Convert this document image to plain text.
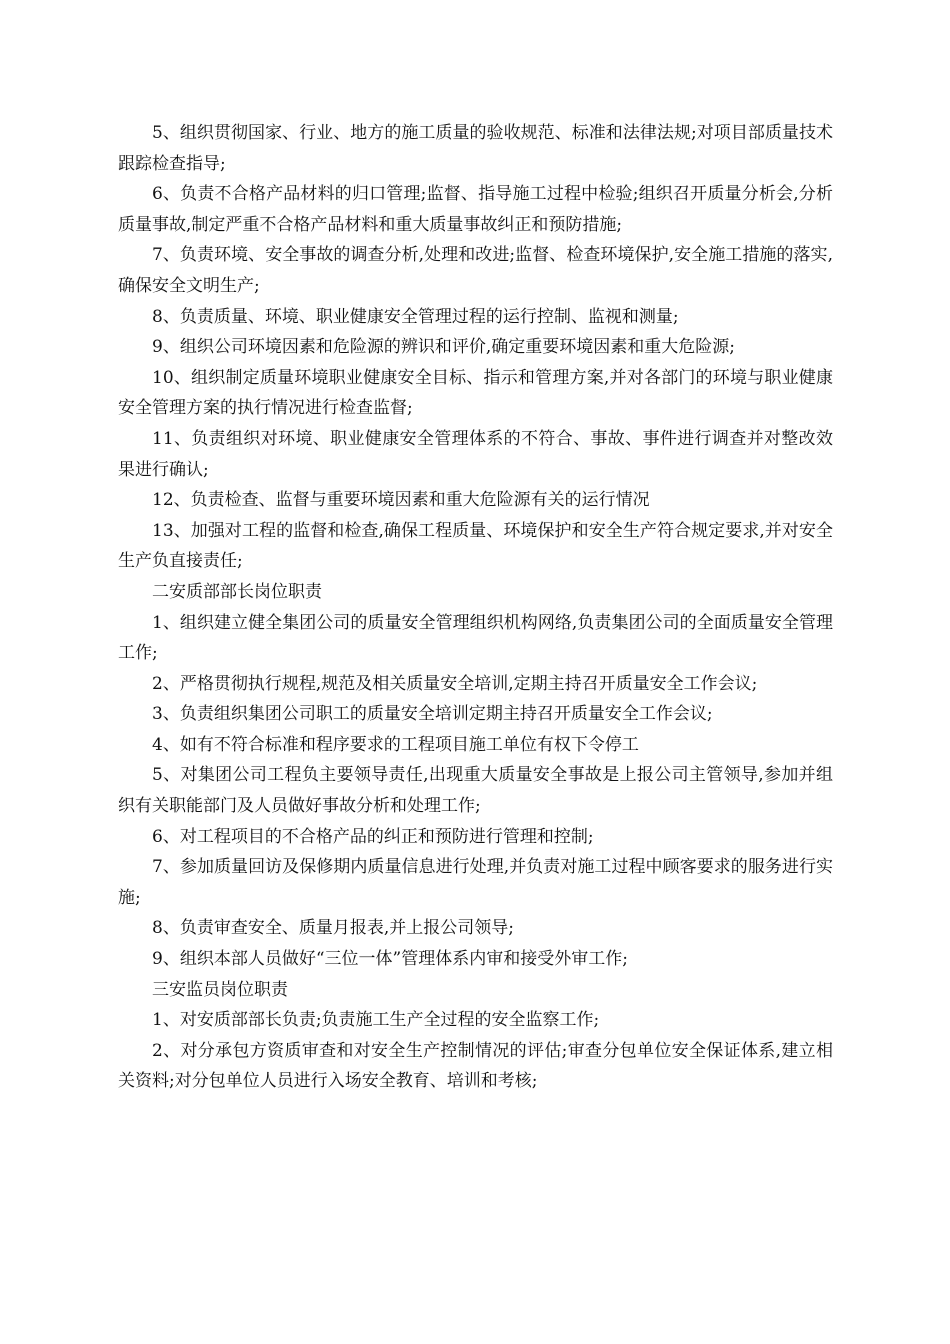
5、组织贯彻国家、行业、地方的施工质量的验收规范、标准和法律法规;对项目部质量技术跟踪检查指导;

6、负责不合格产品材料的归口管理;监督、指导施工过程中检验;组织召开质量分析会,分析质量事故,制定严重不合格产品材料和重大质量事故纠正和预防措施;

7、负责环境、安全事故的调查分析,处理和改进;监督、检查环境保护,安全施工措施的落实,确保安全文明生产;

8、负责质量、环境、职业健康安全管理过程的运行控制、监视和测量;

9、组织公司环境因素和危险源的辨识和评价,确定重要环境因素和重大危险源;

10、组织制定质量环境职业健康安全目标、指示和管理方案,并对各部门的环境与职业健康安全管理方案的执行情况进行检查监督;

11、负责组织对环境、职业健康安全管理体系的不符合、事故、事件进行调查并对整改效果进行确认;

12、负责检查、监督与重要环境因素和重大危险源有关的运行情况

13、加强对工程的监督和检查,确保工程质量、环境保护和安全生产符合规定要求,并对安全生产负直接责任;

二安质部部长岗位职责

1、组织建立健全集团公司的质量安全管理组织机构网络,负责集团公司的全面质量安全管理工作;

2、严格贯彻执行规程,规范及相关质量安全培训,定期主持召开质量安全工作会议;

3、负责组织集团公司职工的质量安全培训定期主持召开质量安全工作会议;

4、如有不符合标准和程序要求的工程项目施工单位有权下令停工

5、对集团公司工程负主要领导责任,出现重大质量安全事故是上报公司主管领导,参加并组织有关职能部门及人员做好事故分析和处理工作;

6、对工程项目的不合格产品的纠正和预防进行管理和控制;

7、参加质量回访及保修期内质量信息进行处理,并负责对施工过程中顾客要求的服务进行实施;

8、负责审查安全、质量月报表,并上报公司领导;

9、组织本部人员做好“三位一体”管理体系内审和接受外审工作;

三安监员岗位职责

1、对安质部部长负责;负责施工生产全过程的安全监察工作;

2、对分承包方资质审查和对安全生产控制情况的评估;审查分包单位安全保证体系,建立相关资料;对分包单位人员进行入场安全教育、培训和考核;
